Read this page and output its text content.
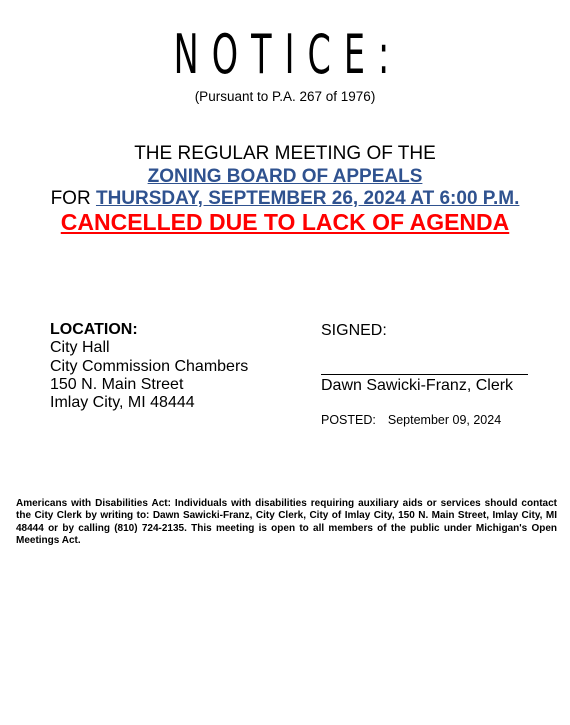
NOTICE:
(Pursuant to P.A. 267 of 1976)
THE REGULAR MEETING OF THE
ZONING BOARD OF APPEALS
FOR THURSDAY, SEPTEMBER 26, 2024 AT 6:00 P.M.
CANCELLED DUE TO LACK OF AGENDA
LOCATION:
City Hall
City Commission Chambers
150 N. Main Street
Imlay City, MI 48444
SIGNED:
Dawn Sawicki-Franz, Clerk
POSTED: September 09, 2024
Americans with Disabilities Act: Individuals with disabilities requiring auxiliary aids or services should contact the City Clerk by writing to: Dawn Sawicki-Franz, City Clerk, City of Imlay City, 150 N. Main Street, Imlay City, MI 48444 or by calling (810) 724-2135. This meeting is open to all members of the public under Michigan's Open Meetings Act.
